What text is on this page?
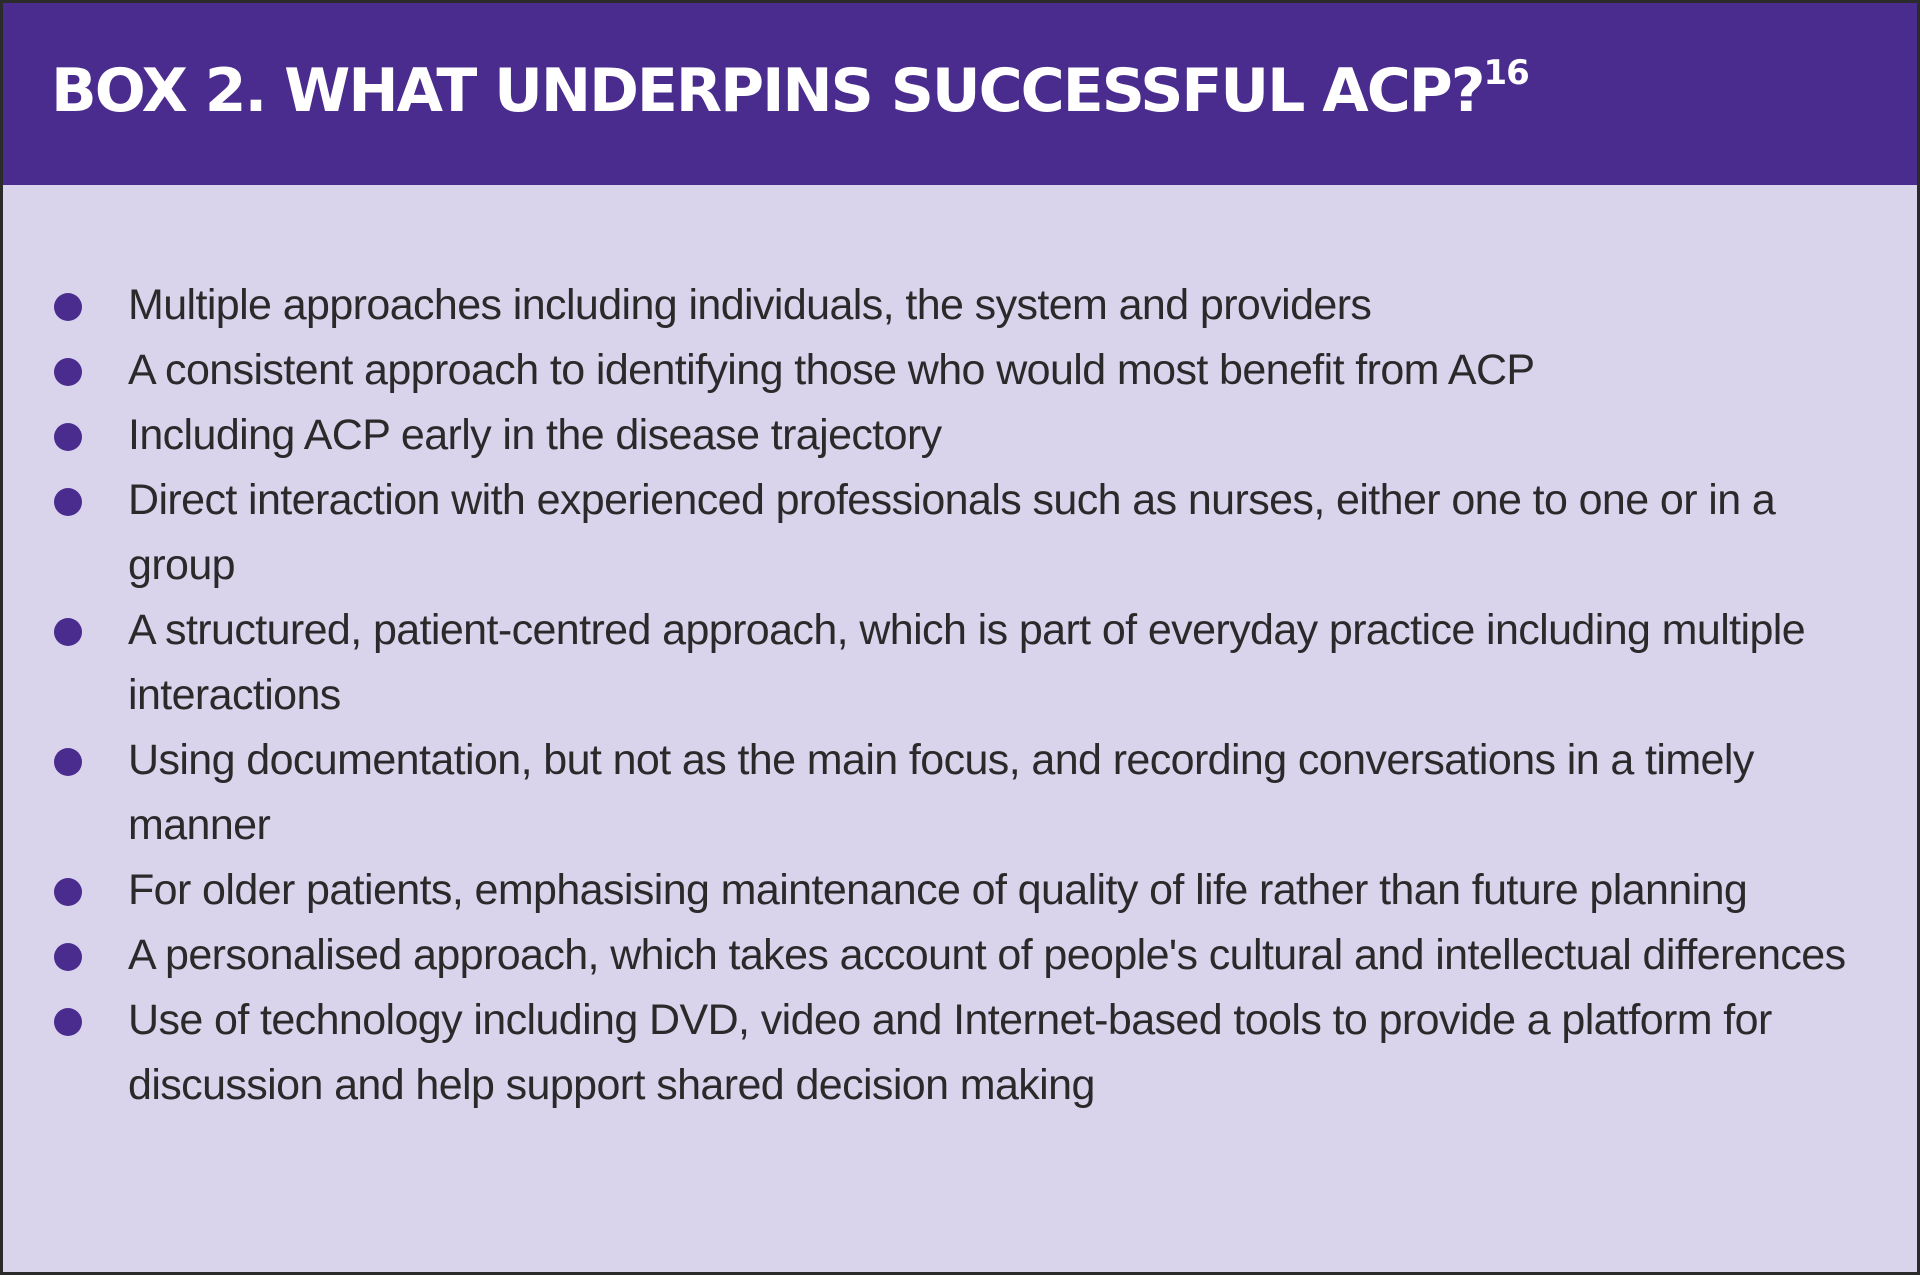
BOX 2. WHAT UNDERPINS SUCCESSFUL ACP?$^{16}$
Multiple approaches including individuals, the system and providers
A consistent approach to identifying those who would most benefit from ACP
Including ACP early in the disease trajectory
Direct interaction with experienced professionals such as nurses, either one to one or in a group
A structured, patient-centred approach, which is part of everyday practice including multiple interactions
Using documentation, but not as the main focus, and recording conversations in a timely manner
For older patients, emphasising maintenance of quality of life rather than future planning
A personalised approach, which takes account of people's cultural and intellectual differences
Use of technology including DVD, video and Internet-based tools to provide a platform for discussion and help support shared decision making
